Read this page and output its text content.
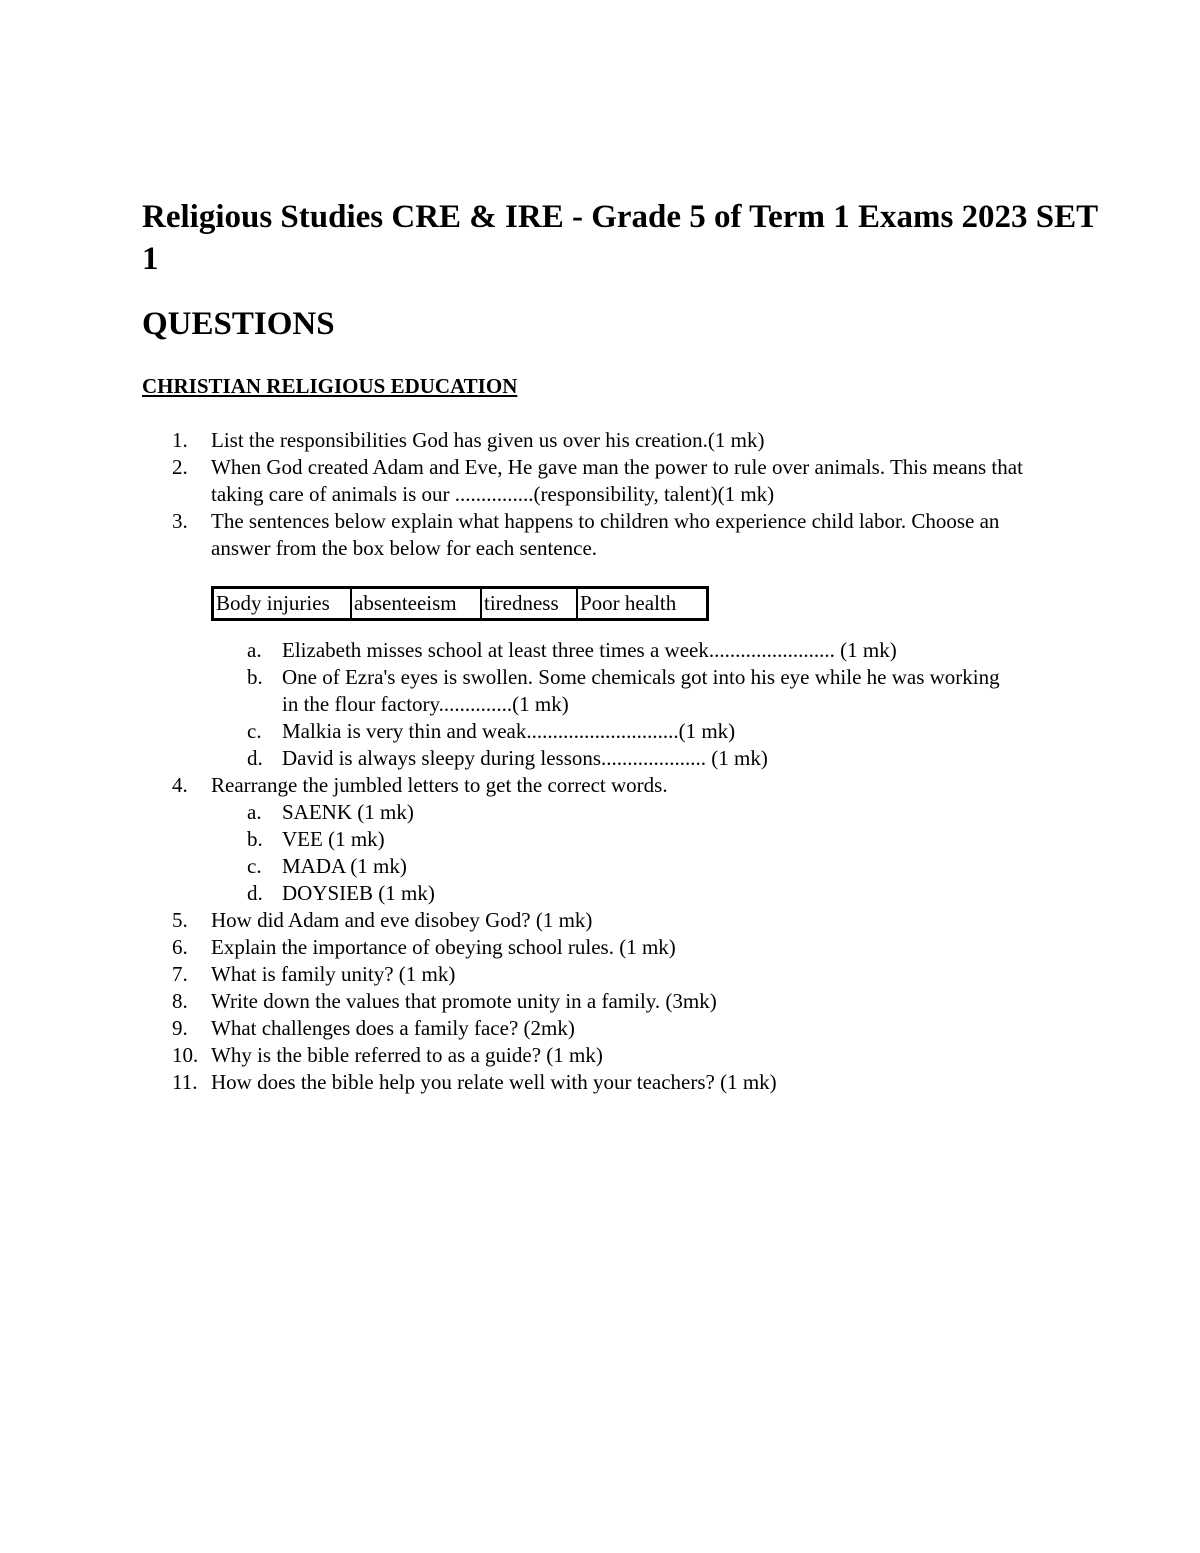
Religious Studies CRE & IRE - Grade 5 of Term 1 Exams 2023 SET 1
QUESTIONS
CHRISTIAN RELIGIOUS EDUCATION
1.	List the responsibilities God has given us over his creation.(1 mk)
2.	When God created Adam and Eve, He gave man the power to rule over animals. This means that taking care of animals is our ...............(responsibility, talent)(1 mk)
3.	The sentences below explain what happens to children who experience child labor. Choose an answer from the box below for each sentence.
Body injuries	absenteeism	tiredness	Poor health
a. Elizabeth misses school at least three times a week........................ (1 mk)
b. One of Ezra's eyes is swollen. Some chemicals got into his eye while he was working in the flour factory..............(1 mk)
c. Malkia is very thin and weak.............................(1 mk)
d. David is always sleepy during lessons.................... (1 mk)
4.	Rearrange the jumbled letters to get the correct words.
a. SAENK (1 mk)
b. VEE (1 mk)
c. MADA (1 mk)
d. DOYSIEB (1 mk)
5.	How did Adam and eve disobey God? (1 mk)
6.	Explain the importance of obeying school rules. (1 mk)
7.	What is family unity? (1 mk)
8.	Write down the values that promote unity in a family. (3mk)
9.	What challenges does a family face? (2mk)
10. Why is the bible referred to as a guide? (1 mk)
11. How does the bible help you relate well with your teachers? (1 mk)
